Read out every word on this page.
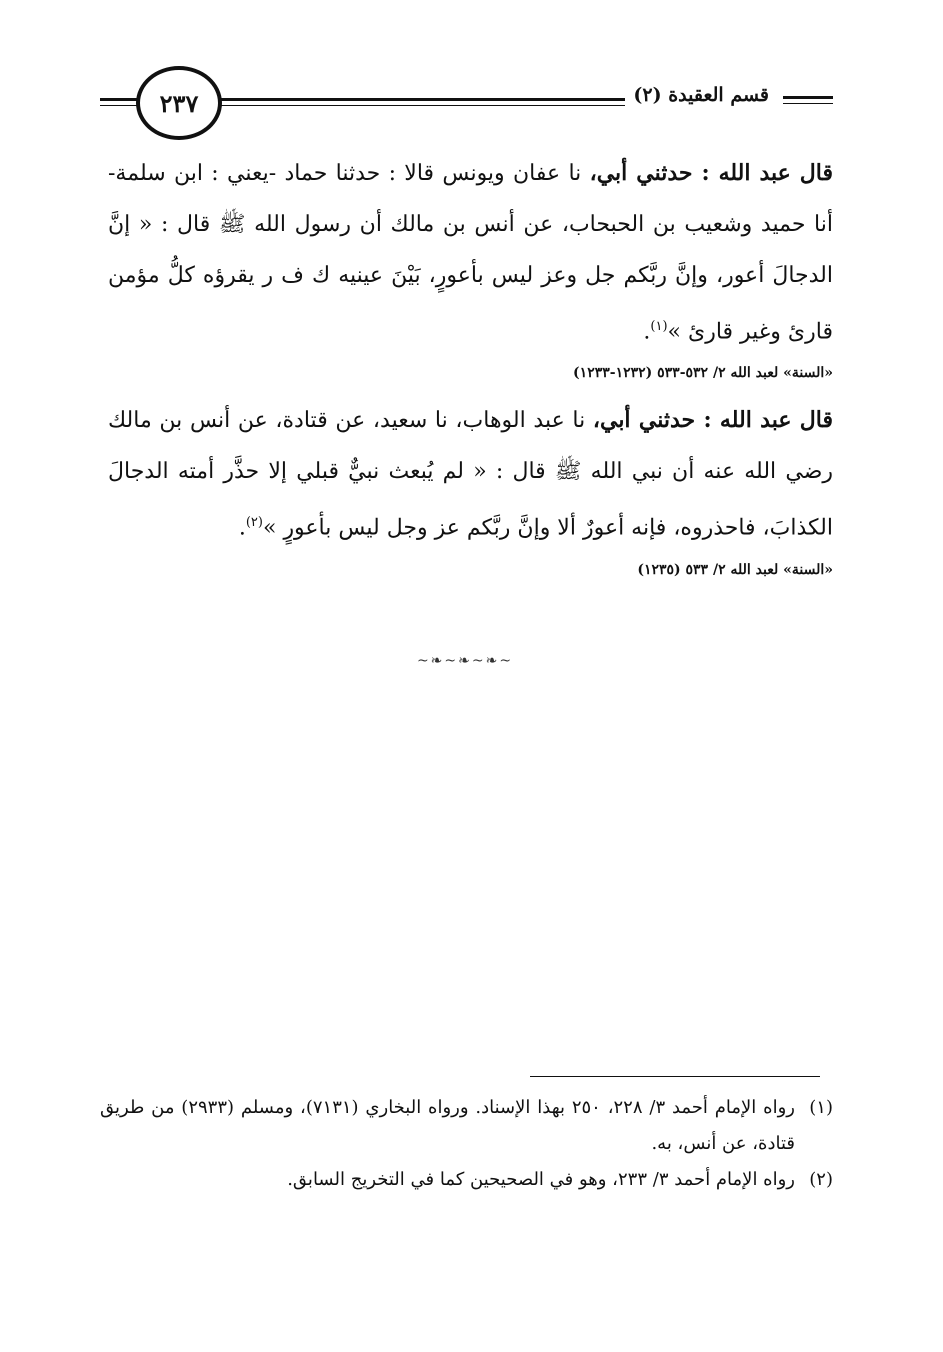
٢٣٧	قسم العقيدة (٢)

قال عبد الله : حدثني أبي، نا عفان ويونس قالا : حدثنا حماد -يعني : ابن سلمة- أنا حميد وشعيب بن الحبحاب، عن أنس بن مالك أن رسول الله ﷺ قال : « إنَّ الدجالَ أعور، وإنَّ ربَّكم جل وعز ليس بأعورٍ، بَيْنَ عينيه ك ف ر يقرؤه كلُّ مؤمن قارئ وغير قارئ »$^{(١)}$.

«السنة» لعبد الله ٢/ ٥٣٢-٥٣٣ (١٢٣٢-١٢٣٣)

قال عبد الله : حدثني أبي، نا عبد الوهاب، نا سعيد، عن قتادة، عن أنس بن مالك رضي الله عنه أن نبي الله ﷺ قال : « لم يُبعث نبيٌّ قبلي إلا حذَّر أمته الدجالَ الكذابَ، فاحذروه، فإنه أعورٌ ألا وإنَّ ربَّكم عز وجل ليس بأعورٍ »$^{(٢)}$.

«السنة» لعبد الله ٢/ ٥٣٣ (١٢٣٥)
~❧~❧~❧~
(١)
رواه الإمام أحمد ٣/ ٢٢٨، ٢٥٠ بهذا الإسناد. ورواه البخاري (٧١٣١)، ومسلم (٢٩٣٣) من طريق قتادة، عن أنس، به.
(٢)
رواه الإمام أحمد ٣/ ٢٣٣، وهو في الصحيحين كما في التخريج السابق.
